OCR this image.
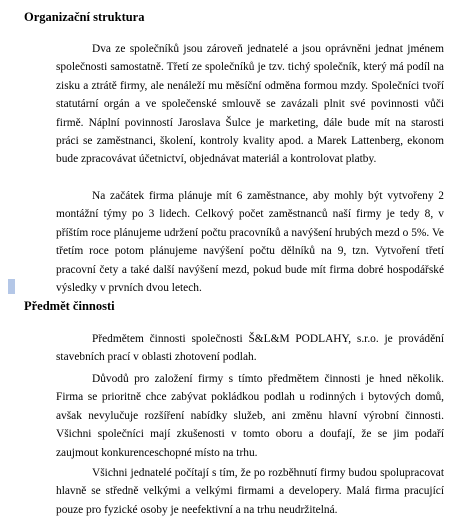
Organizační struktura

Dva ze společníků jsou zároveň jednatelé a jsou oprávněni jednat jménem společnosti samostatně. Třetí ze společníků je tzv. tichý společník, který má podíl na zisku a ztrátě firmy, ale nenáleží mu měsíční odměna formou mzdy. Společníci tvoří statutární orgán a ve společenské smlouvě se zavázali plnit své povinnosti vůči firmě. Náplní povinností Jaroslava Šulce je marketing, dále bude mít na starosti práci se zaměstnanci, školení, kontroly kvality apod. a Marek Lattenberg, ekonom bude zpracovávat účetnictví, objednávat materiál a kontrolovat platby.

Na začátek firma plánuje mít 6 zaměstnance, aby mohly být vytvořeny 2 montážní týmy po 3 lidech. Celkový počet zaměstnanců naší firmy je tedy 8, v příštím roce plánujeme udržení počtu pracovníků a navýšení hrubých mezd o 5%. Ve třetím roce potom plánujeme navýšení počtu dělníků na 9, tzn. Vytvoření třetí pracovní čety a také další navýšení mezd, pokud bude mít firma dobré hospodářské výsledky v prvních dvou letech.

Předmět činnosti

Předmětem činnosti společnosti Š&L&M PODLAHY, s.r.o. je provádění stavebních prací v oblasti zhotovení podlah.

Důvodů pro založení firmy s tímto předmětem činnosti je hned několik. Firma se prioritně chce zabývat pokládkou podlah u rodinných i bytových domů, avšak nevylučuje rozšíření nabídky služeb, ani změnu hlavní výrobní činnosti. Všichni společníci mají zkušenosti v tomto oboru a doufají, že se jim podaří zaujmout konkurenceschopné místo na trhu.

Všichni jednatelé počítají s tím, že po rozběhnutí firmy budou spolupracovat hlavně se středně velkými a velkými firmami a developery. Malá firma pracující pouze pro fyzické osoby je neefektivní a na trhu neudržitelná.
